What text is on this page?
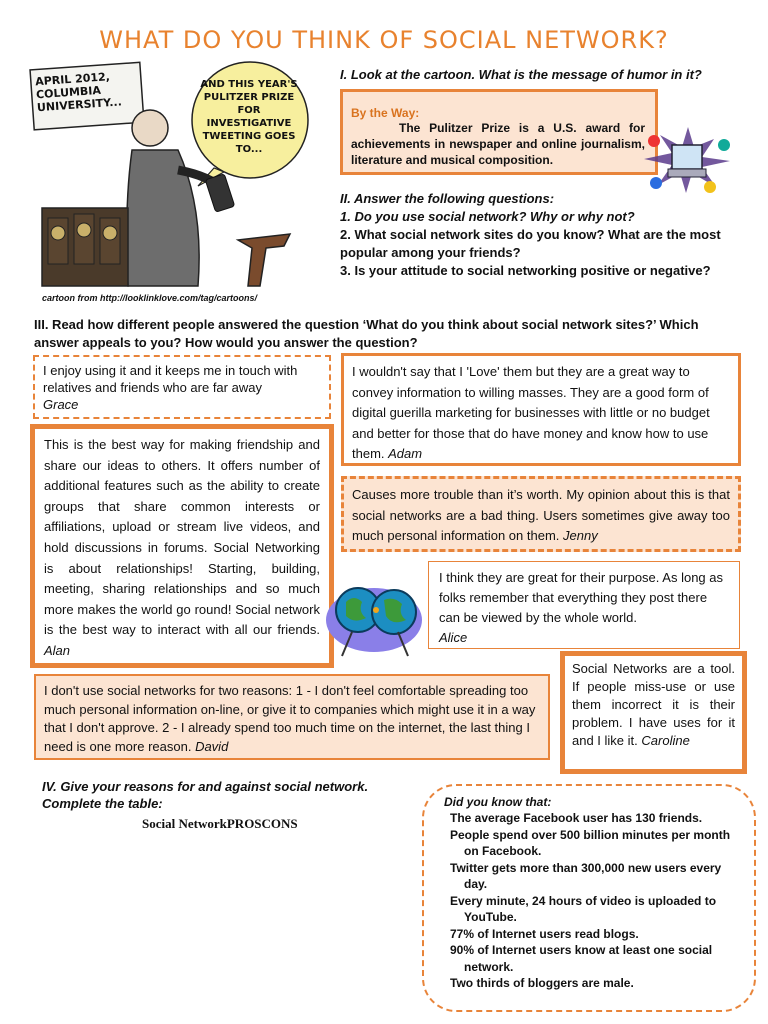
WHAT DO YOU THINK OF SOCIAL NETWORK?
APRIL 2012, COLUMBIA UNIVERSITY...
AND THIS YEAR'S PULITZER PRIZE FOR INVESTIGATIVE TWEETING GOES TO...
cartoon from http://looklinklove.com/tag/cartoons/
I. Look at the cartoon. What is the message of humor in it?
By the Way:
The Pulitzer Prize is a U.S. award for achievements in newspaper and online journalism, literature and musical composition.
II. Answer the following questions:
1. Do you use social network? Why or why not?
2. What social network sites do you know? What are the most popular among your friends?
3. Is your attitude to social networking positive or negative?
III. Read how different people answered the question ‘What do you think about social network sites?’ Which answer appeals to you? How would you answer the question?
I enjoy using it and it keeps me in touch with relatives and friends who are far away
Grace
I wouldn't say that I 'Love' them but they are a great way to convey information to willing masses. They are a good form of digital guerilla marketing for businesses with little or no budget and better for those that do have money and know how to use them. Adam
This is the best way for making friendship and share our ideas to others. It offers number of additional features such as the ability to create groups that share common interests or affiliations, upload or stream live videos, and hold discussions in forums. Social Networking is about relationships! Starting, building, meeting, sharing relationships and so much more makes the world go round! Social network is the best way to interact with all our friends. Alan
Causes more trouble than it’s worth. My opinion about this is that social networks are a bad thing. Users sometimes give away too much personal information on them. Jenny
I think they are great for their purpose. As long as folks remember that everything they post there can be viewed by the whole world.
Alice
Social Networks are a tool. If people miss-use or use them incorrect it is their problem. I have uses for it and I like it. Caroline
I don't use social networks for two reasons: 1 - I don't feel comfortable spreading too much personal information on-line, or give it to companies which might use it in a way that I don't approve. 2 - I already spend too much time on the internet, the last thing I need is one more reason. David
IV. Give your reasons for and against social network.
Complete the table:
Social NetworkPROSCONS
Did you know that:
The average Facebook user has 130 friends.
People spend over 500 billion minutes per month
on Facebook.
Twitter gets more than 300,000 new users every
day.
Every minute, 24 hours of video is uploaded to
YouTube.
77% of Internet users read blogs.
90% of Internet users know at least one social
network.
Two thirds of bloggers are male.
